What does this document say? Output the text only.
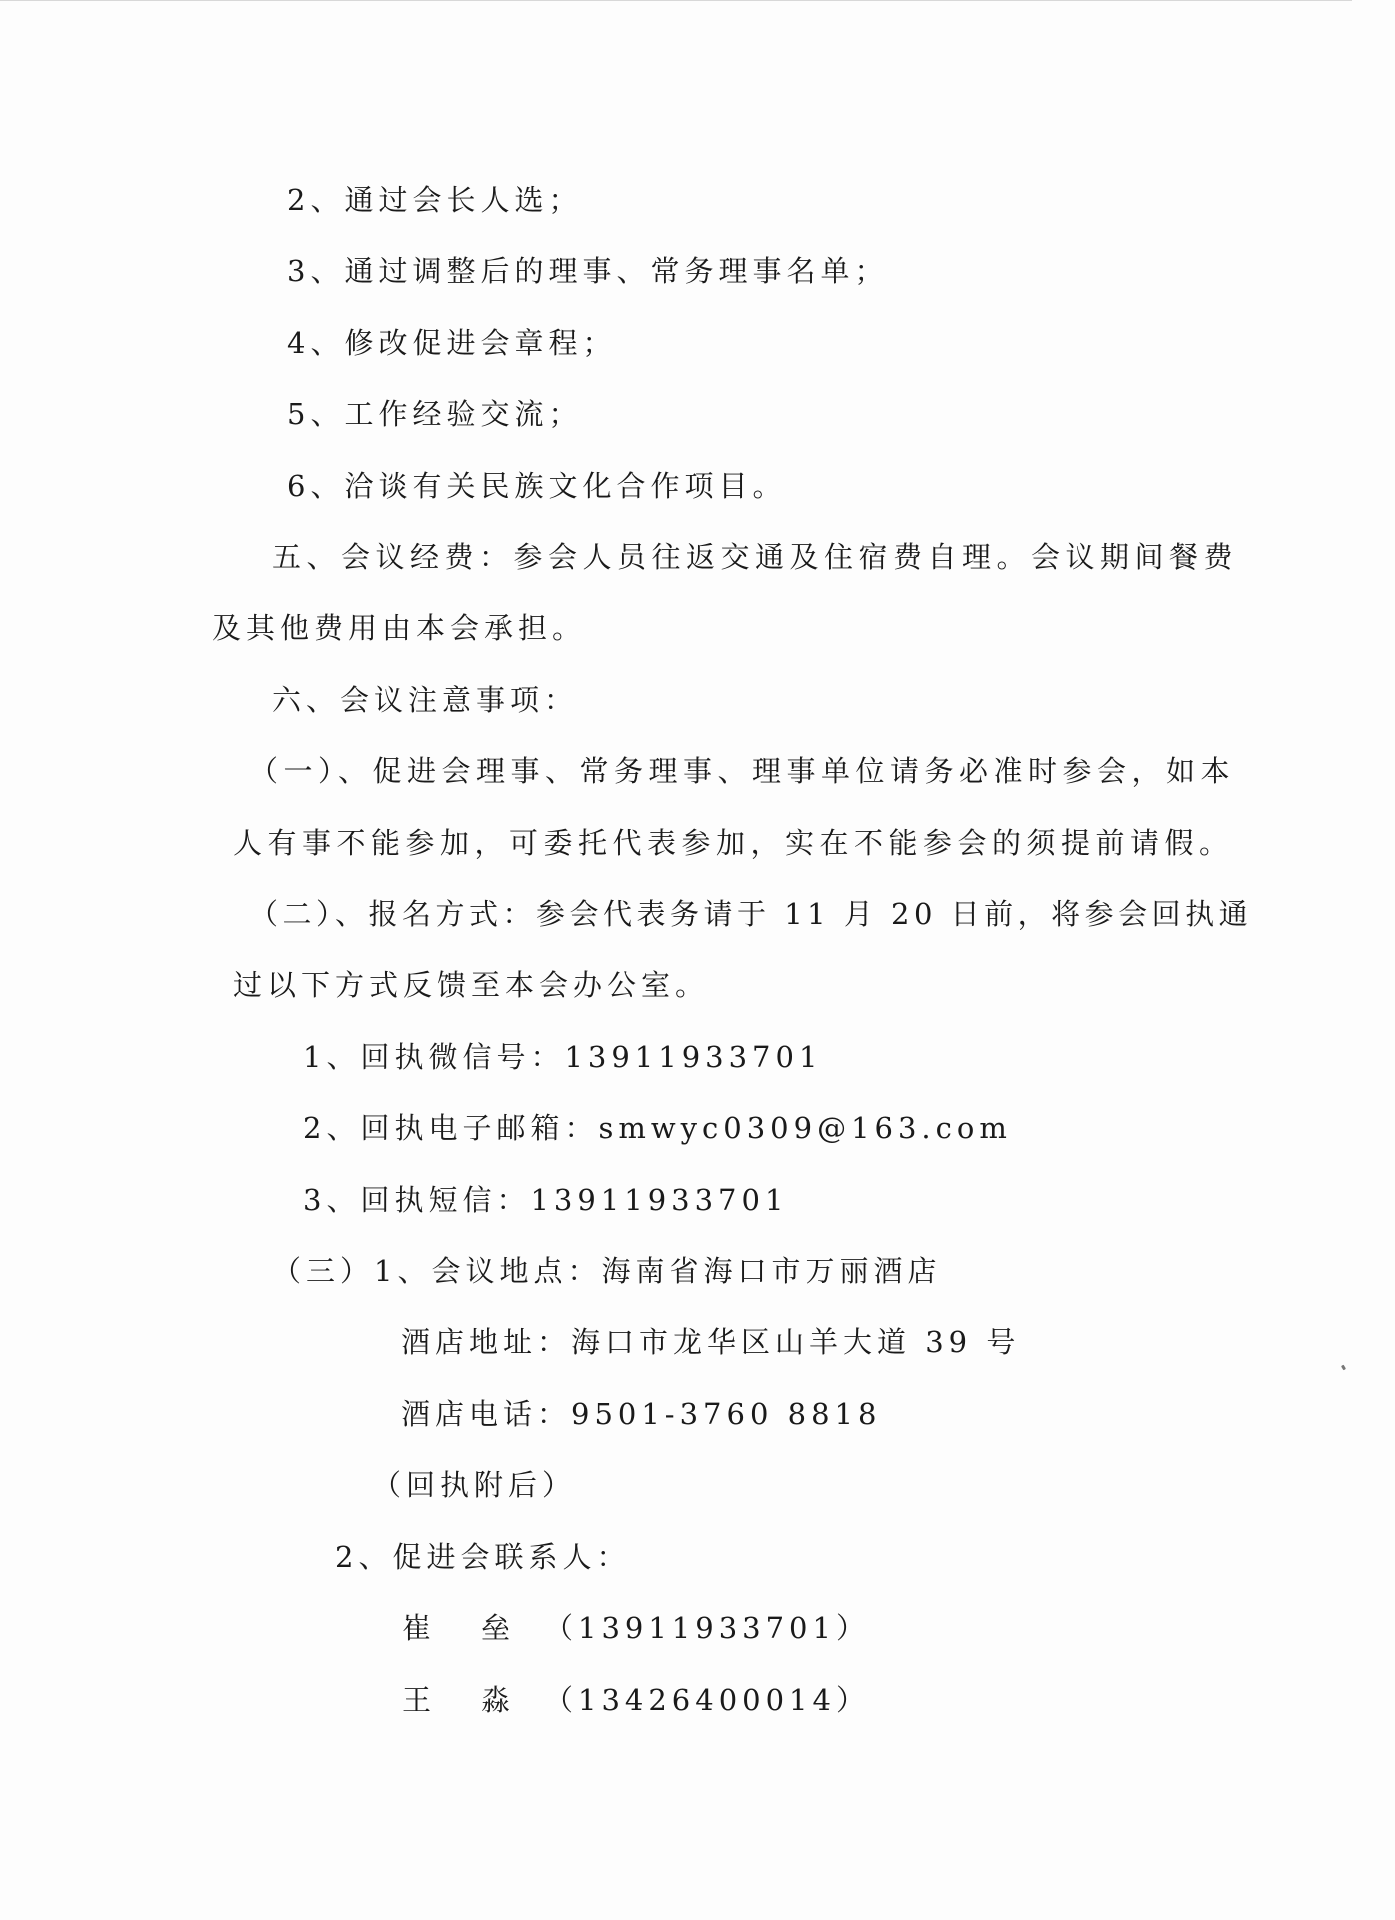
2、通过会长人选；
3、通过调整后的理事、常务理事名单；
4、修改促进会章程；
5、工作经验交流；
6、洽谈有关民族文化合作项目。
五、会议经费：参会人员往返交通及住宿费自理。会议期间餐费
及其他费用由本会承担。
六、会议注意事项：
（一）、促进会理事、常务理事、理事单位请务必准时参会，如本
人有事不能参加，可委托代表参加，实在不能参会的须提前请假。
（二）、报名方式：参会代表务请于 11 月 20 日前，将参会回执通
过以下方式反馈至本会办公室。
1、回执微信号：13911933701
2、回执电子邮箱：smwyc0309@163.com
3、回执短信：13911933701
（三）1、会议地点：海南省海口市万丽酒店
酒店地址：海口市龙华区山羊大道 39 号
酒店电话：9501-3760 8818
（回执附后）
2、促进会联系人：
崔垒
（13911933701）
王淼
（13426400014）
